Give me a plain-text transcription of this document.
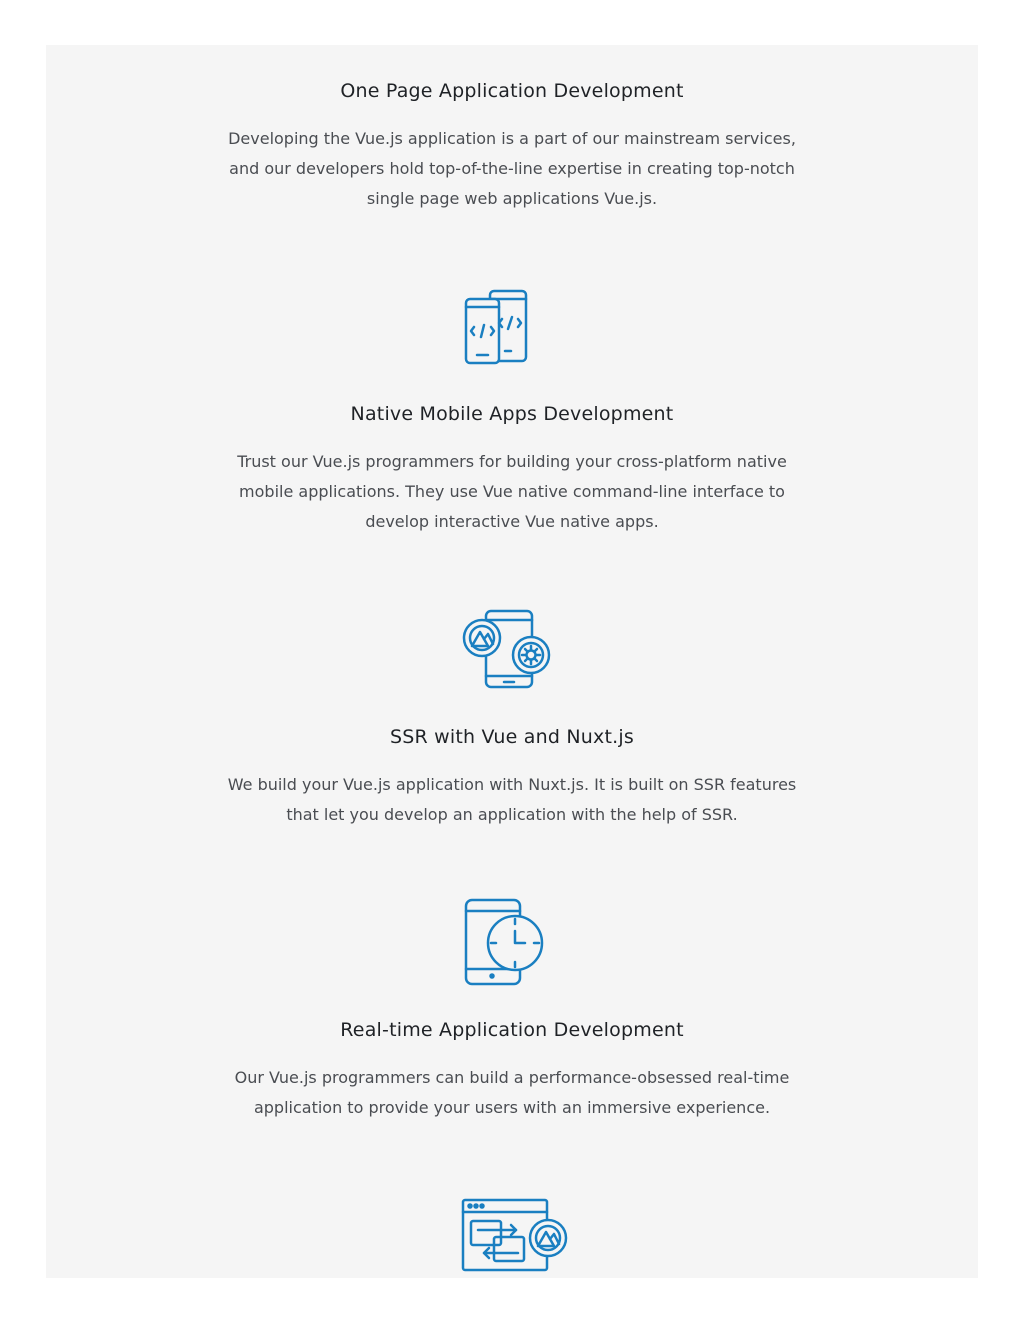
One Page Application Development

Developing the Vue.js application is a part of our mainstream services, and our developers hold top-of-the-line expertise in creating top-notch single page web applications Vue.js.

Native Mobile Apps Development

Trust our Vue.js programmers for building your cross-platform native mobile applications. They use Vue native command-line interface to develop interactive Vue native apps.

SSR with Vue and Nuxt.js

We build your Vue.js application with Nuxt.js. It is built on SSR features that let you develop an application with the help of SSR.

Real-time Application Development

Our Vue.js programmers can build a performance-obsessed real-time application to provide your users with an immersive experience.
